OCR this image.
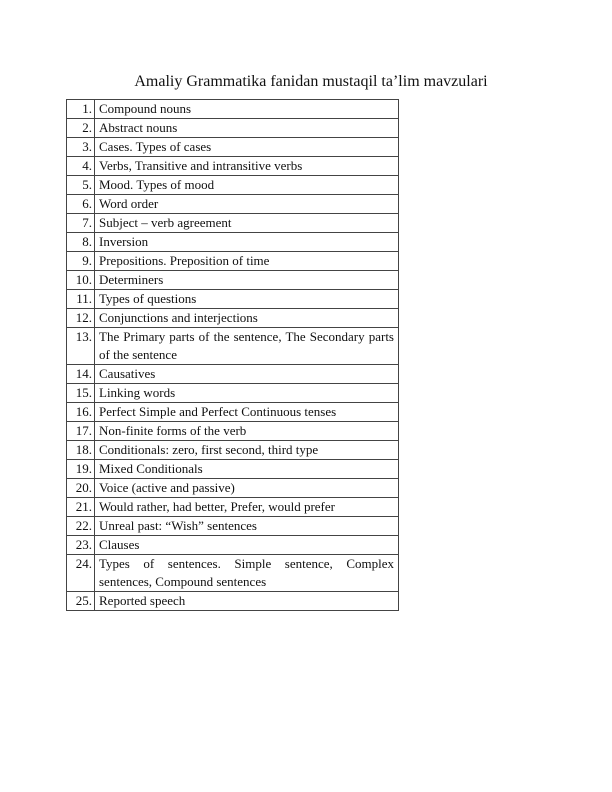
Amaliy Grammatika fanidan mustaqil ta’lim mavzulari
1.	Compound nouns
2.	Abstract nouns
3.	Cases. Types of cases
4.	Verbs, Transitive and intransitive verbs
5.	Mood. Types of mood
6.	Word order
7.	Subject – verb agreement
8.	Inversion
9.	Prepositions. Preposition of time
10.	Determiners
11.	Types of questions
12.	Conjunctions and interjections
13.	The Primary parts of the sentence, The Secondary parts of the sentence
14.	Causatives
15.	Linking words
16.	Perfect Simple and Perfect Continuous tenses
17.	Non-finite forms of the verb
18.	Conditionals: zero, first second, third type
19.	Mixed Conditionals
20.	Voice (active and passive)
21.	Would rather, had better, Prefer, would prefer
22.	Unreal past: “Wish” sentences
23.	Clauses
24.	Types of sentences. Simple sentence, Complex sentences, Compound sentences
25.	Reported speech
